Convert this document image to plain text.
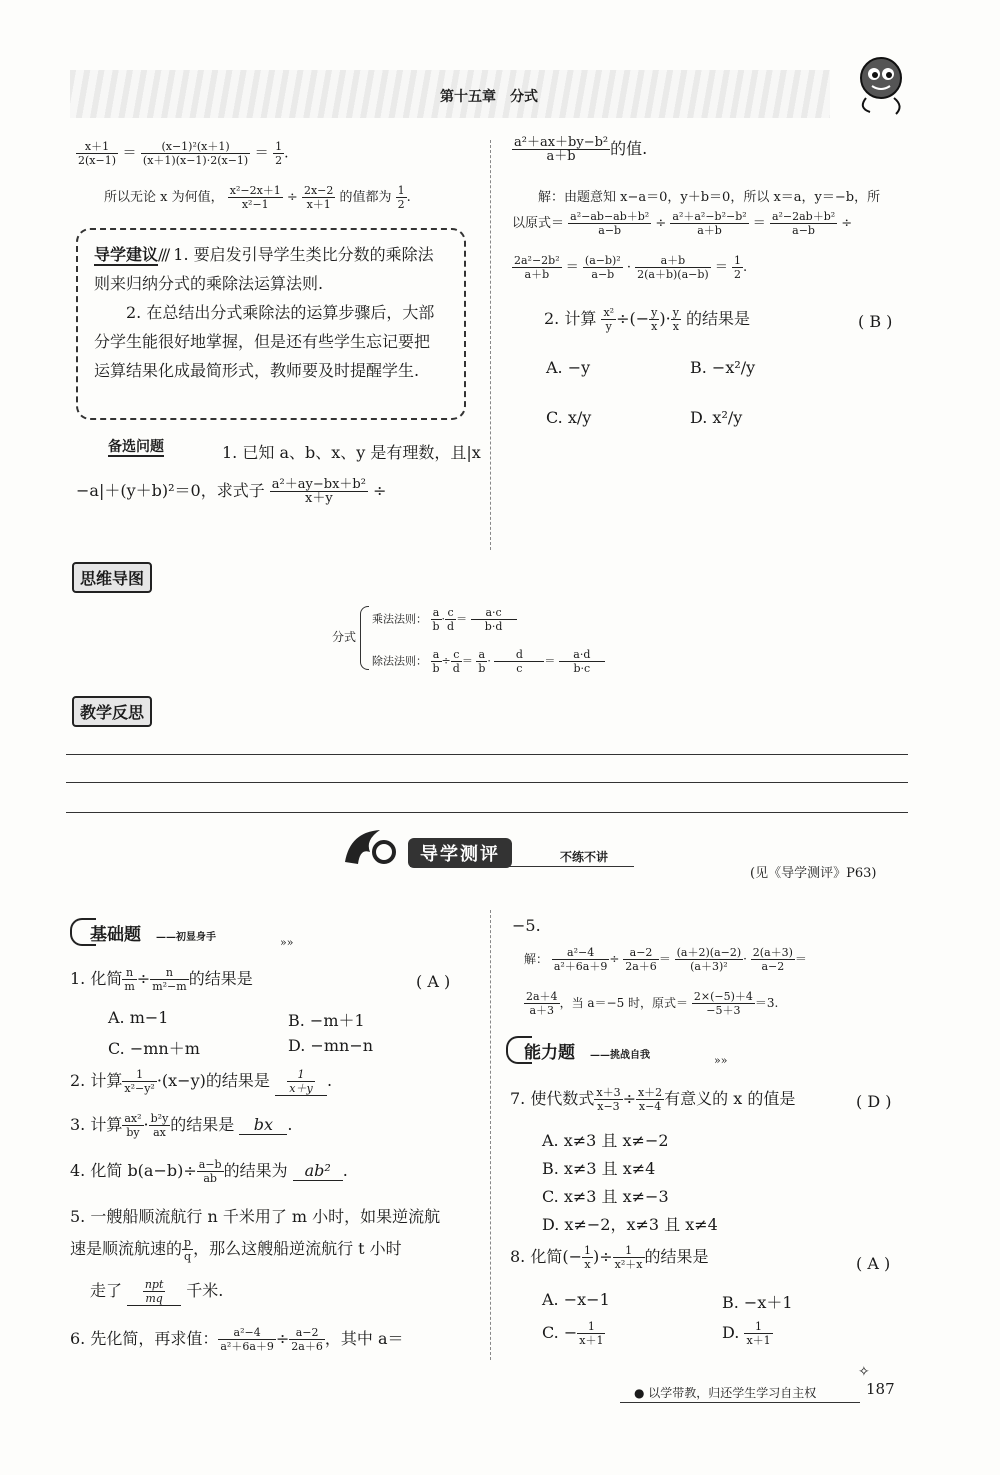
第十五章　分式
$\frac{x+1}{2(x-1)} = \frac{\text{(x−1)²(x＋1)}}{(x+1)(x-1)\cdot 2(x-1)} = \frac{1}{2}$ .
所以无论 x 为何值， $\frac{\text{x²−2x＋1}}{\text{x²−1}} \div \frac{2x-2}{x+1}$ 的值都为 $\frac{1}{2}$ .
导学建议/// 1. 要启发引导学生类比分数的乘除法则来归纳分式的乘除法运算法则.
2. 在总结出分式乘除法的运算步骤后，大部分学生能很好地掌握，但是还有些学生忘记要把运算结果化成最简形式，教师要及时提醒学生.
备选问题	1. 已知 a、b、x、y 是有理数，且|x
−a|＋(y＋b)²＝0，求式子 $\frac{\text{a²＋ay−bx＋b²}}{x+y}$ ÷
$\frac{\text{a²＋ax＋by−b²}}{a+b}$ 的值.
解：由题意知 x−a＝0，y＋b＝0，所以 x＝a，y＝−b，所
以原式＝ $\frac{\text{a²−ab−ab＋b²}}{a-b} \div \frac{\text{a²＋a²−b²−b²}}{a+b} = \frac{\text{a²−2ab＋b²}}{a-b}$ ÷
$\frac{\text{2a²−2b²}}{a+b} = \frac{\text{(a−b)²}}{a-b} \cdot \frac{a+b}{2(a+b)(a-b)} = \frac{1}{2}$ .
2. 计算 $\frac{\text{x²}}{y}$ ÷(− $\frac{y}{x}$ )· $\frac{y}{x}$ 的结果是	( B )
A. −y	B. −x²/y
C. x/y	D. x²/y
思维导图
分式
乘法法则： $\frac{a}{b} \cdot \frac{c}{d} = \frac{a\cdot c}{b\cdot d}$
除法法则： $\frac{a}{b} \div \frac{c}{d} = \frac{a}{b} \cdot \frac{d}{c} = \frac{a\cdot d}{b\cdot c}$
教学反思
导学测评	不练不讲
(见《导学测评》P63)
基础题 ——初显身手	»»
1. 化简 $\frac{n}{m} \div \frac{n}{\text{m²−m}}$ 的结果是	( A )
A. m−1	B. −m＋1
C. −mn＋m	D. −mn−n
2. 计算 $\frac{1}{\text{x²−y²}} \cdot(x-y)$的结果是 $\frac{1}{x+y}$ .
3. 计算 $\frac{\text{ax²}}{by} \cdot \frac{\text{b²y}}{ax}$ 的结果是 bx .
4. 化简 $b(a-b)\div \frac{a-b}{ab}$ 的结果为 ab² .
5. 一艘船顺流航行 n 千米用了 m 小时，如果逆流航
速是顺流航速的 $\frac{p}{q}$ ，那么这艘船逆流航行 t 小时
走了 $\frac{\text{npt}}{mq}$ 千米.
6. 先化简，再求值： $\frac{\text{a²−4}}{\text{a²＋6a＋9}} \div \frac{a-2}{2a+6}$ ，其中 a＝
−5.
解： $\frac{\text{a²−4}}{\text{a²＋6a＋9}} \div \frac{a-2}{2a+6} = \frac{(a+2)(a-2)}{\text{(a＋3)²}} \cdot \frac{2(a+3)}{a-2}$ ＝
$\frac{2a+4}{a+3}$ ，当 a＝−5 时，原式＝ $\frac{2\times(-5)+4}{-5+3} =3$.
能力题 ——挑战自我	»»
7. 使代数式 $\frac{x+3}{x-3} \div \frac{x+2}{x-4}$ 有意义的 x 的值是	( D )
A. x≠3 且 x≠−2
B. x≠3 且 x≠4
C. x≠3 且 x≠−3
D. x≠−2，x≠3 且 x≠4
8. 化简(− $\frac{1}{x}$ )÷ $\frac{1}{\text{x²＋x}}$ 的结果是	( A )
A. −x−1	B. −x＋1
C. − $\frac{1}{x+1}$	D. $\frac{1}{x+1}$
● 以学带教，归还学生学习自主权	187
✧
